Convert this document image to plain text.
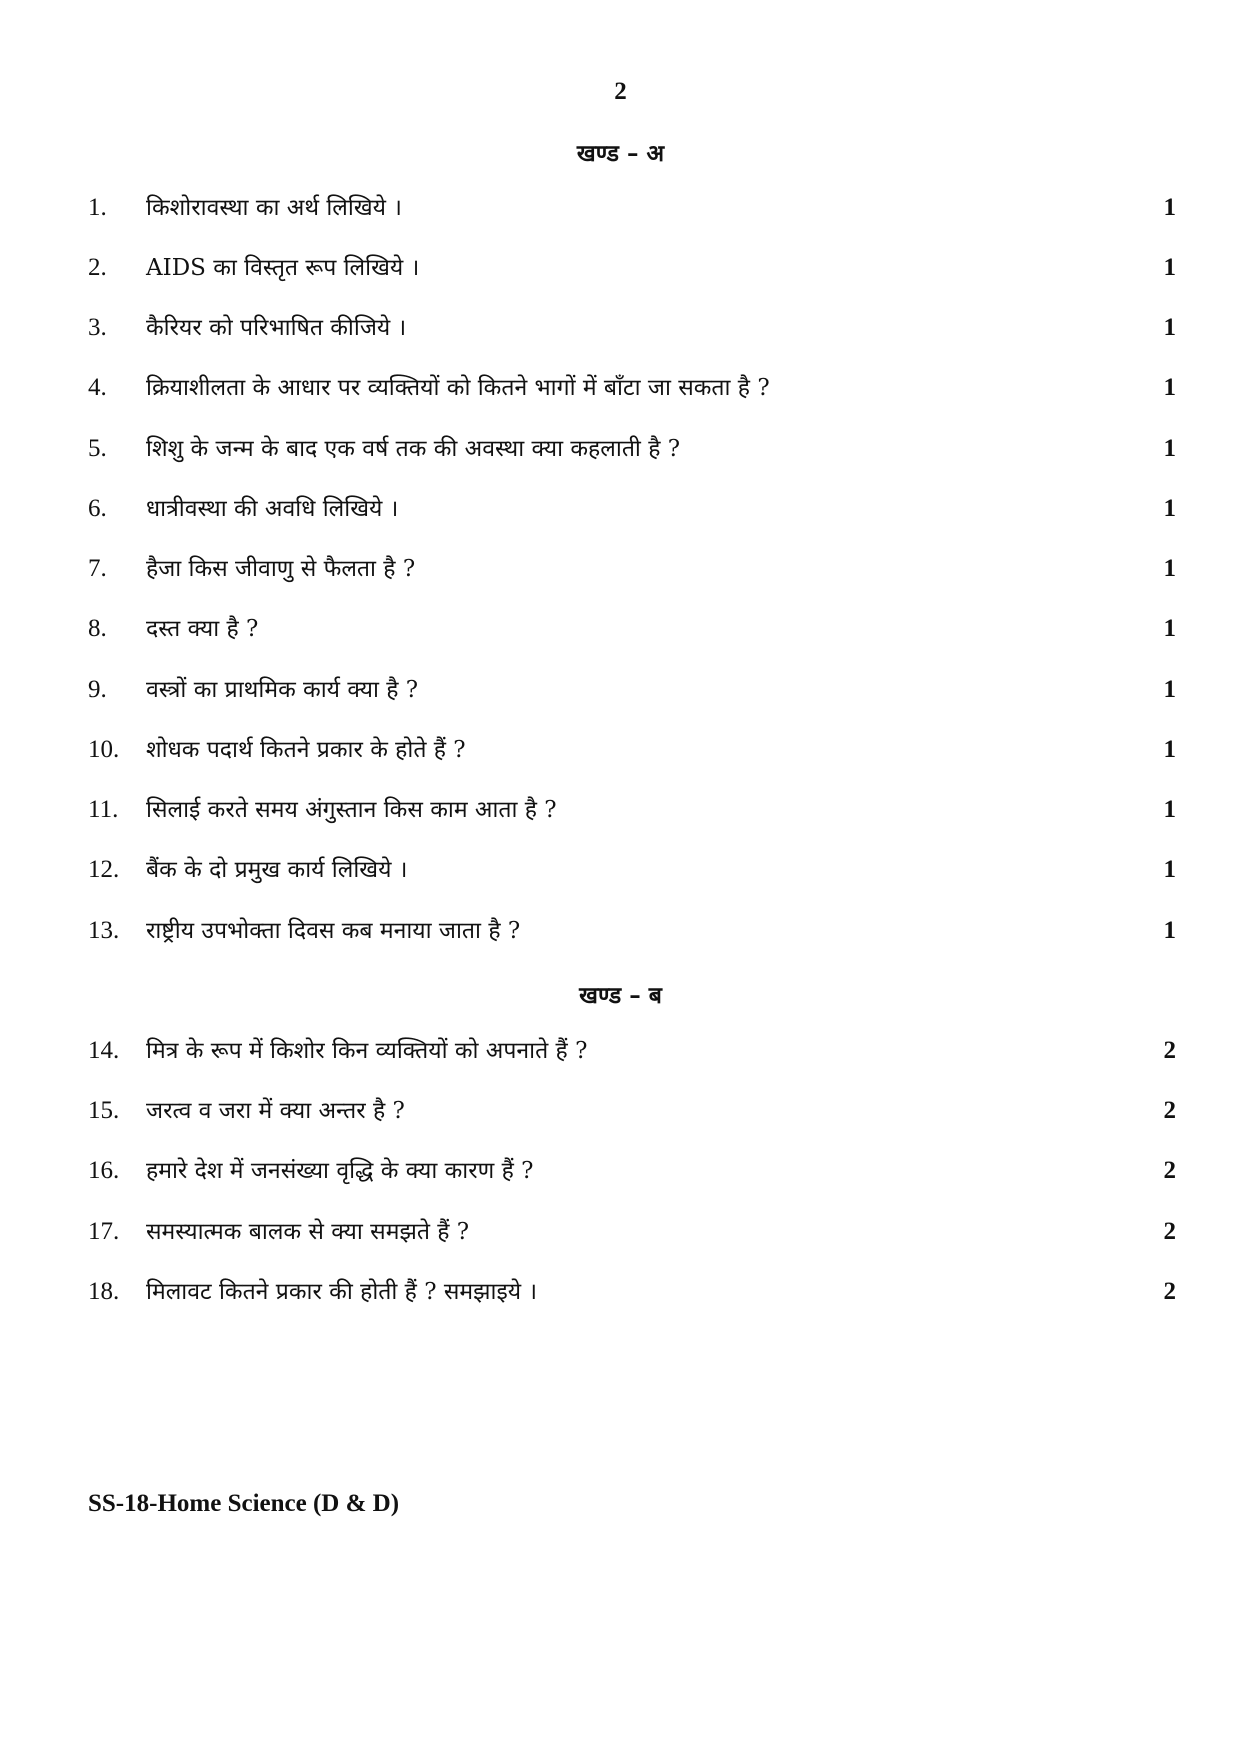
2
खण्ड – अ
1. किशोरावस्था का अर्थ लिखिये ।	1
2. AIDS का विस्तृत रूप लिखिये ।	1
3. कैरियर को परिभाषित कीजिये ।	1
4. क्रियाशीलता के आधार पर व्यक्तियों को कितने भागों में बाँटा जा सकता है ?	1
5. शिशु के जन्म के बाद एक वर्ष तक की अवस्था क्या कहलाती है ?	1
6. धात्रीवस्था की अवधि लिखिये ।	1
7. हैजा किस जीवाणु से फैलता है ?	1
8. दस्त क्या है ?	1
9. वस्त्रों का प्राथमिक कार्य क्या है ?	1
10. शोधक पदार्थ कितने प्रकार के होते हैं ?	1
11. सिलाई करते समय अंगुस्तान किस काम आता है ?	1
12. बैंक के दो प्रमुख कार्य लिखिये ।	1
13. राष्ट्रीय उपभोक्ता दिवस कब मनाया जाता है ?	1
खण्ड – ब
14. मित्र के रूप में किशोर किन व्यक्तियों को अपनाते हैं ?	2
15. जरत्व व जरा में क्या अन्तर है ?	2
16. हमारे देश में जनसंख्या वृद्धि के क्या कारण हैं ?	2
17. समस्यात्मक बालक से क्या समझते हैं ?	2
18. मिलावट कितने प्रकार की होती हैं ? समझाइये ।	2
SS-18-Home Science (D & D)
